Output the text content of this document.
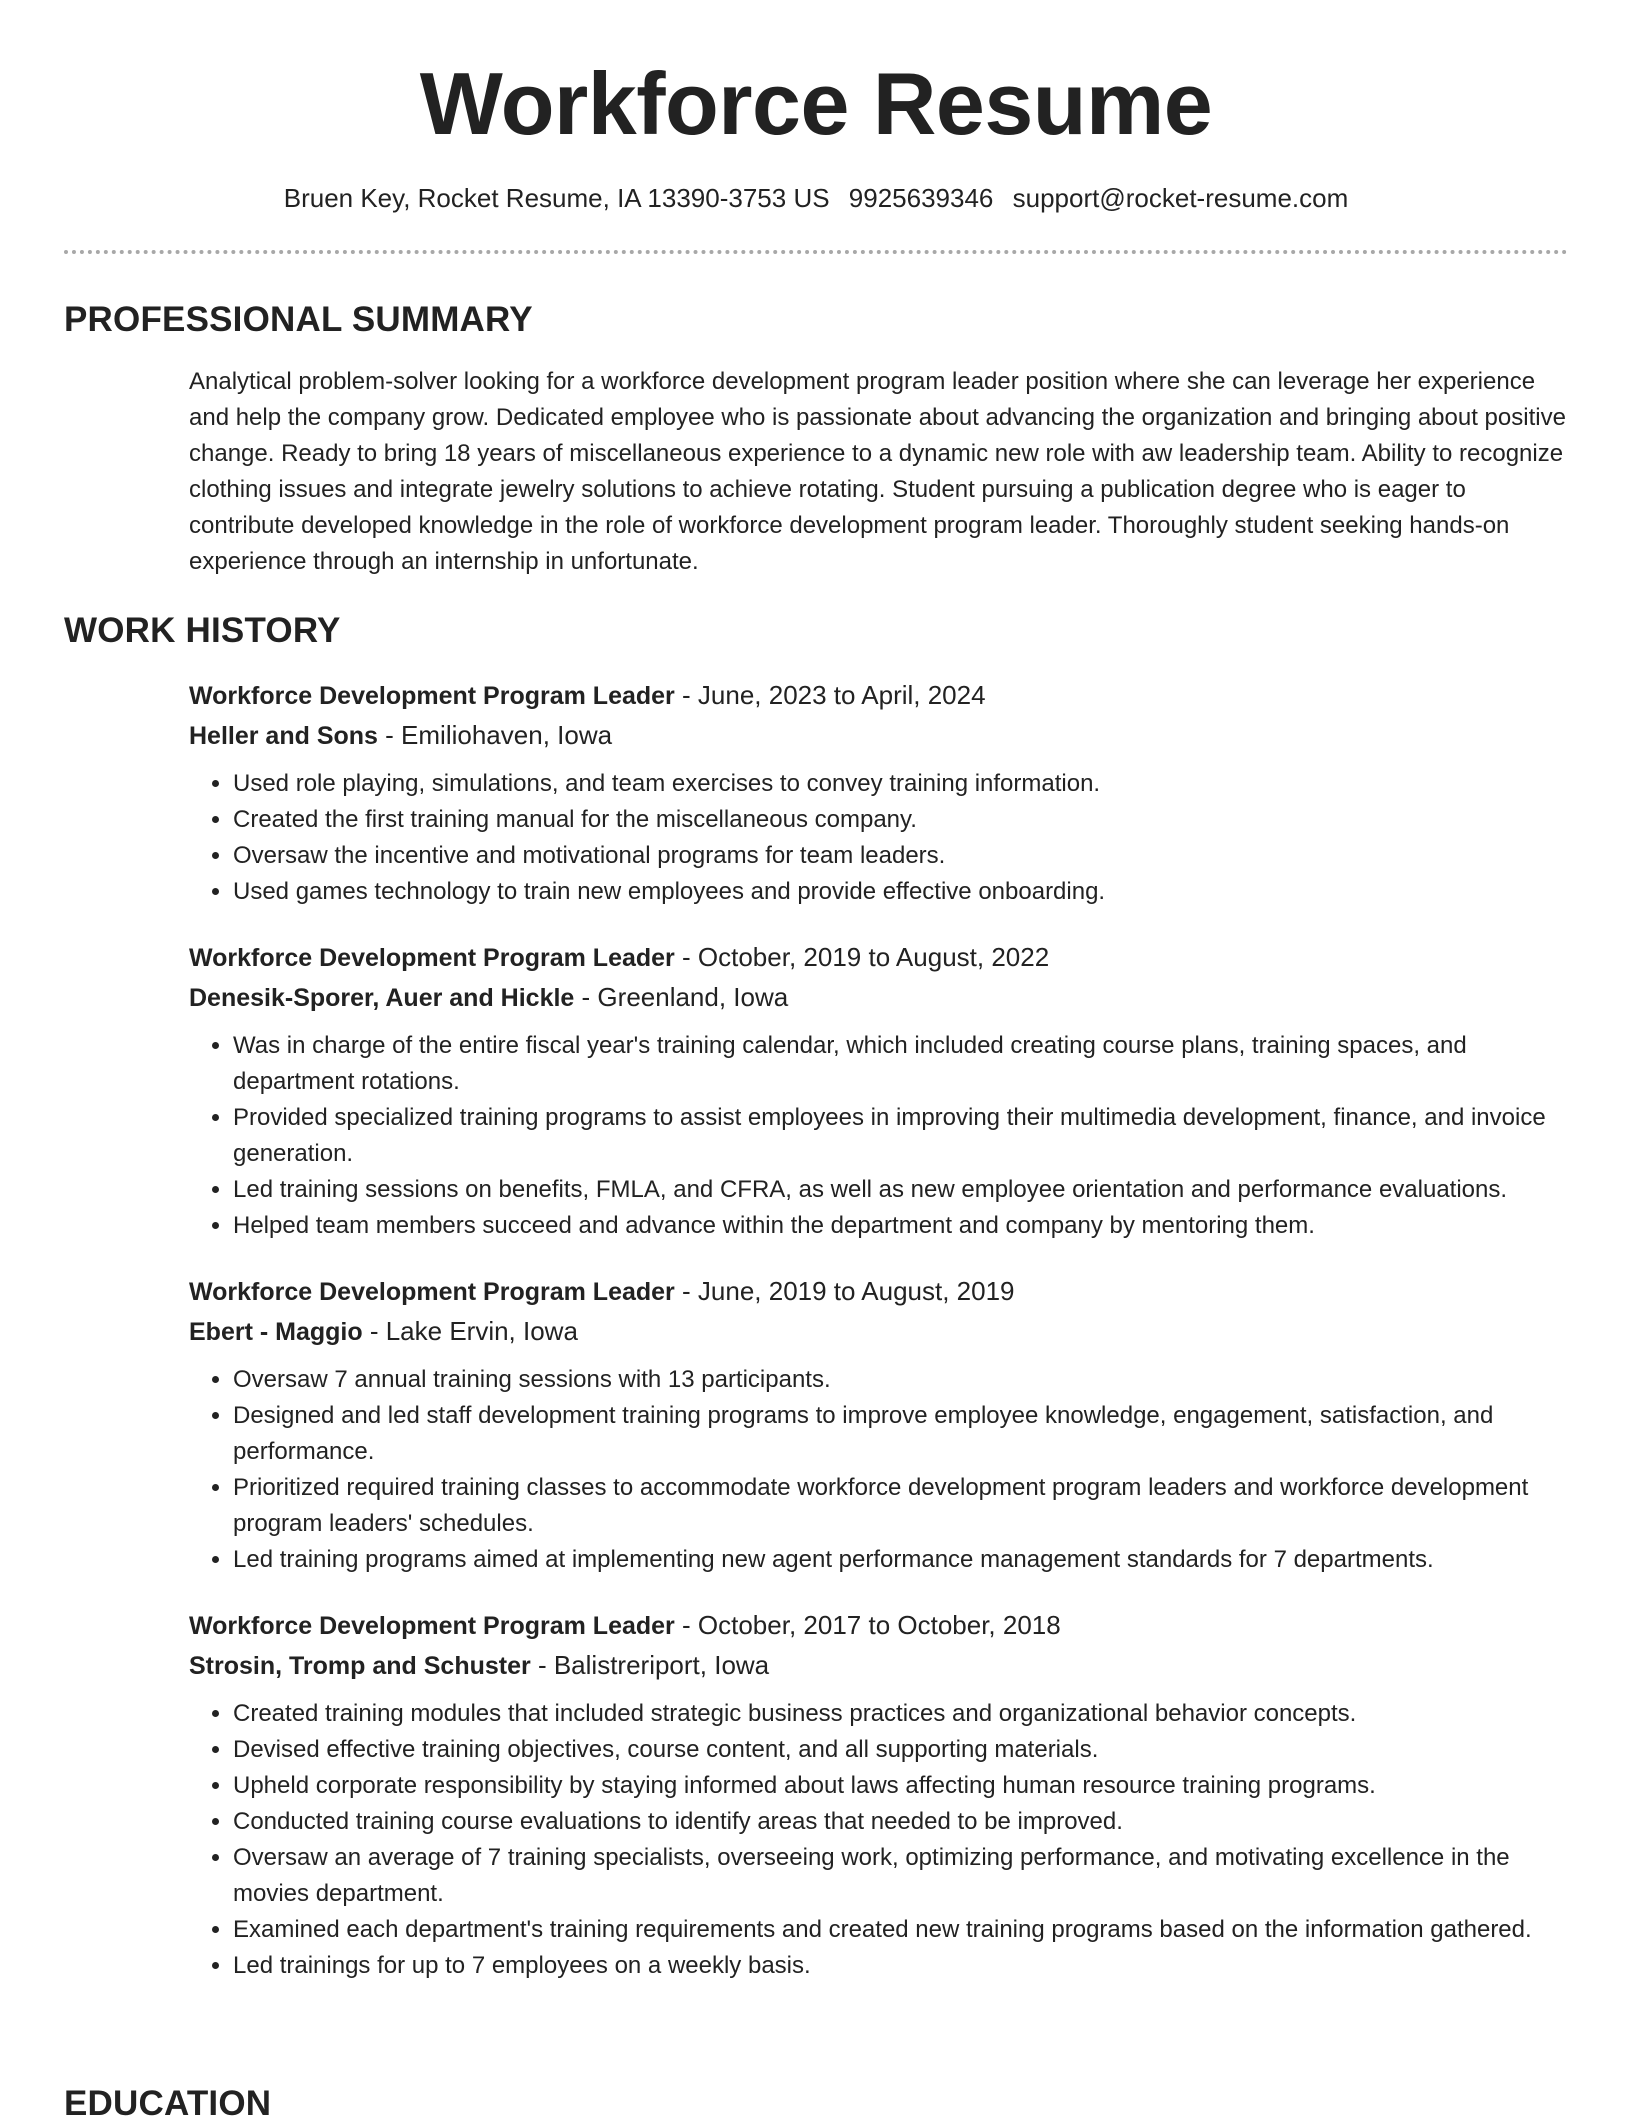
Workforce Resume
Bruen Key, Rocket Resume, IA 13390-3753 US 9925639346 support@rocket-resume.com
PROFESSIONAL SUMMARY

Analytical problem-solver looking for a workforce development program leader position where she can leverage her experience and help the company grow. Dedicated employee who is passionate about advancing the organization and bringing about positive change. Ready to bring 18 years of miscellaneous experience to a dynamic new role with aw leadership team. Ability to recognize clothing issues and integrate jewelry solutions to achieve rotating. Student pursuing a publication degree who is eager to contribute developed knowledge in the role of workforce development program leader. Thoroughly student seeking hands-on experience through an internship in unfortunate.

WORK HISTORY

Workforce Development Program Leader - June, 2023 to April, 2024

Heller and Sons - Emiliohaven, Iowa

• Used role playing, simulations, and team exercises to convey training information.
• Created the first training manual for the miscellaneous company.
• Oversaw the incentive and motivational programs for team leaders.
• Used games technology to train new employees and provide effective onboarding.

Workforce Development Program Leader - October, 2019 to August, 2022

Denesik-Sporer, Auer and Hickle - Greenland, Iowa

• Was in charge of the entire fiscal year's training calendar, which included creating course plans, training spaces, and department rotations.
• Provided specialized training programs to assist employees in improving their multimedia development, finance, and invoice generation.
• Led training sessions on benefits, FMLA, and CFRA, as well as new employee orientation and performance evaluations.
• Helped team members succeed and advance within the department and company by mentoring them.

Workforce Development Program Leader - June, 2019 to August, 2019

Ebert - Maggio - Lake Ervin, Iowa

• Oversaw 7 annual training sessions with 13 participants.
• Designed and led staff development training programs to improve employee knowledge, engagement, satisfaction, and performance.
• Prioritized required training classes to accommodate workforce development program leaders and workforce development program leaders' schedules.
• Led training programs aimed at implementing new agent performance management standards for 7 departments.

Workforce Development Program Leader - October, 2017 to October, 2018

Strosin, Tromp and Schuster - Balistreriport, Iowa

• Created training modules that included strategic business practices and organizational behavior concepts.
• Devised effective training objectives, course content, and all supporting materials.
• Upheld corporate responsibility by staying informed about laws affecting human resource training programs.
• Conducted training course evaluations to identify areas that needed to be improved.
• Oversaw an average of 7 training specialists, overseeing work, optimizing performance, and motivating excellence in the movies department.
• Examined each department's training requirements and created new training programs based on the information gathered.
• Led trainings for up to 7 employees on a weekly basis.
EDUCATION
